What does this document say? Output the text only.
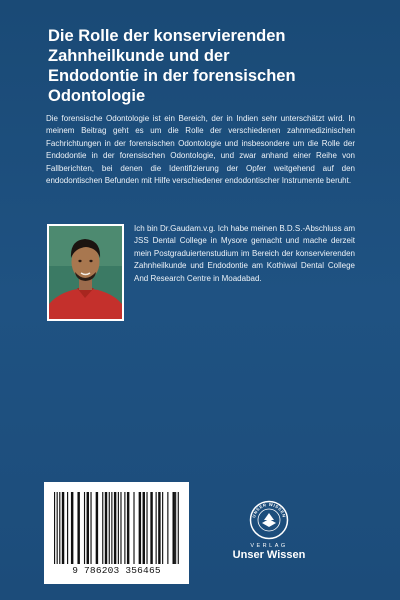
Die Rolle der konservierenden
Zahnheilkunde und der
Endodontie in der forensischen
Odontologie

Die forensische Odontologie ist ein Bereich, der in Indien sehr unterschätzt wird. In meinem Beitrag geht es um die Rolle der verschiedenen zahnmedizinischen Fachrichtungen in der forensischen Odontologie und insbesondere um die Rolle der Endodontie in der forensischen Odontologie, und zwar anhand einer Reihe von Fallberichten, bei denen die Identifizierung der Opfer weitgehend auf den endodontischen Befunden mit Hilfe verschiedener endodontischer Instrumente beruht.

Ich bin Dr.Gaudam.v.g. Ich habe meinen B.D.S.-Abschluss am JSS Dental College in Mysore gemacht und mache derzeit mein Postgraduiertenstudium im Bereich der konservierenden Zahnheilkunde und Endodontie am Kothiwal Dental College And Research Centre in Moadabad.

9 786203 356465
UNSER WISSEN
VERLAG
Unser Wissen
